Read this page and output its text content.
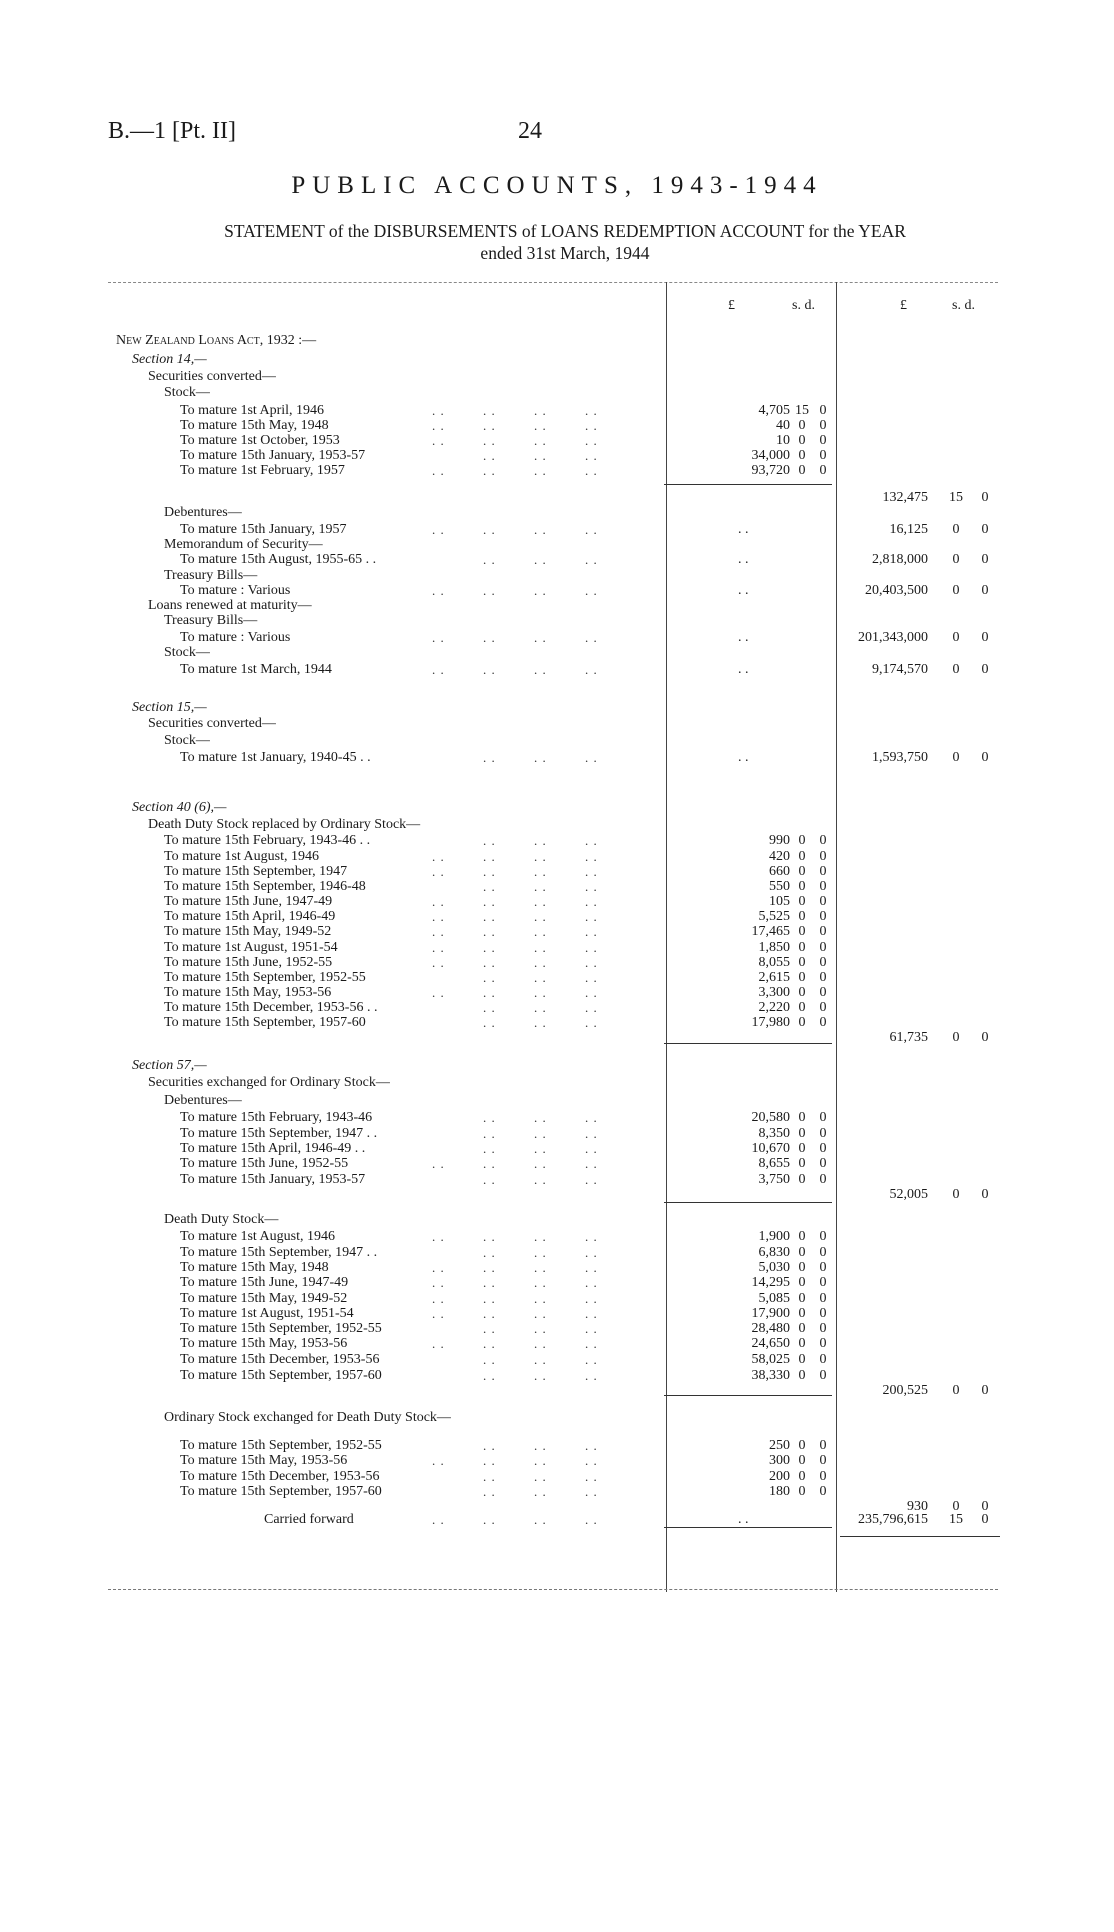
B.—1 [Pt. II]	24
PUBLIC ACCOUNTS, 1943-1944
STATEMENT of the DISBURSEMENTS of LOANS REDEMPTION ACCOUNT for the YEAR
ended 31st March, 1944
£	s. d.	£	s. d.
New Zealand Loans Act, 1932 :—
Section 14,—
Securities converted—
Stock—
To mature 1st April, 1946	. .         . .         . .         . .	4,705 15 0
To mature 15th May, 1948	. .         . .         . .         . .	40 0	0
To mature 1st October, 1953	. .         . .         . .         . .	10 0	0
To mature 15th January, 1953-57	. .         . .         . .	34,000 0	0
To mature 1st February, 1957	. .         . .         . .         . .	93,720 0	0
132,475 15 0
Debentures—
To mature 15th January, 1957	. .         . .         . .         . .	. .	16,125	0	0
Memorandum of Security—
To mature 15th August, 1955-65 . .	. .         . .         . .	. .	2,818,000	0	0
Treasury Bills—
To mature : Various	. .         . .         . .         . .	. .	20,403,500	0	0
Loans renewed at maturity—
Treasury Bills—
To mature : Various	. .         . .         . .         . .	. .	201,343,000	0	0
Stock—
To mature 1st March, 1944	. .         . .         . .         . .	. .	9,174,570	0	0
Section 15,—
Securities converted—
Stock—
To mature 1st January, 1940-45 . .	. .         . .         . .	. .	1,593,750	0	0
Section 40 (6),—
Death Duty Stock replaced by Ordinary Stock—
To mature 15th February, 1943-46 . .	. .         . .         . .	990 0	0
To mature 1st August, 1946	. .         . .         . .         . .	420 0	0
To mature 15th September, 1947	. .         . .         . .         . .	660 0	0
To mature 15th September, 1946-48	. .         . .         . .	550 0	0
To mature 15th June, 1947-49	. .         . .         . .         . .	105 0	0
To mature 15th April, 1946-49	. .         . .         . .         . .	5,525 0	0
To mature 15th May, 1949-52	. .         . .         . .         . .	17,465 0	0
To mature 1st August, 1951-54	. .         . .         . .         . .	1,850 0	0
To mature 15th June, 1952-55	. .         . .         . .         . .	8,055 0	0
To mature 15th September, 1952-55	. .         . .         . .	2,615 0	0
To mature 15th May, 1953-56	. .         . .         . .         . .	3,300 0	0
To mature 15th December, 1953-56 . .	. .         . .         . .	2,220 0	0
To mature 15th September, 1957-60	. .         . .         . .	17,980 0	0
61,735	0	0
Section 57,—
Securities exchanged for Ordinary Stock—
Debentures—
To mature 15th February, 1943-46	. .         . .         . .	20,580 0	0
To mature 15th September, 1947 . .	. .         . .         . .	8,350 0	0
To mature 15th April, 1946-49 . .	. .         . .         . .	10,670 0	0
To mature 15th June, 1952-55	. .         . .         . .         . .	8,655 0	0
To mature 15th January, 1953-57	. .         . .         . .	3,750 0	0
52,005	0	0
Death Duty Stock—
To mature 1st August, 1946	. .         . .         . .         . .	1,900 0	0
To mature 15th September, 1947 . .	. .         . .         . .	6,830 0	0
To mature 15th May, 1948	. .         . .         . .         . .	5,030 0	0
To mature 15th June, 1947-49	. .         . .         . .         . .	14,295 0	0
To mature 15th May, 1949-52	. .         . .         . .         . .	5,085 0	0
To mature 1st August, 1951-54	. .         . .         . .         . .	17,900 0	0
To mature 15th September, 1952-55	. .         . .         . .	28,480 0	0
To mature 15th May, 1953-56	. .         . .         . .         . .	24,650 0	0
To mature 15th December, 1953-56	. .         . .         . .	58,025 0	0
To mature 15th September, 1957-60	. .         . .         . .	38,330 0	0
200,525	0	0
Ordinary Stock exchanged for Death Duty Stock—
To mature 15th September, 1952-55	. .         . .         . .	250 0	0
To mature 15th May, 1953-56	. .         . .         . .         . .	300 0	0
To mature 15th December, 1953-56	. .         . .         . .	200 0	0
To mature 15th September, 1957-60	. .         . .         . .	180 0	0
930	0	0
Carried forward	. .         . .         . .         . .	. .	235,796,615 15 0
